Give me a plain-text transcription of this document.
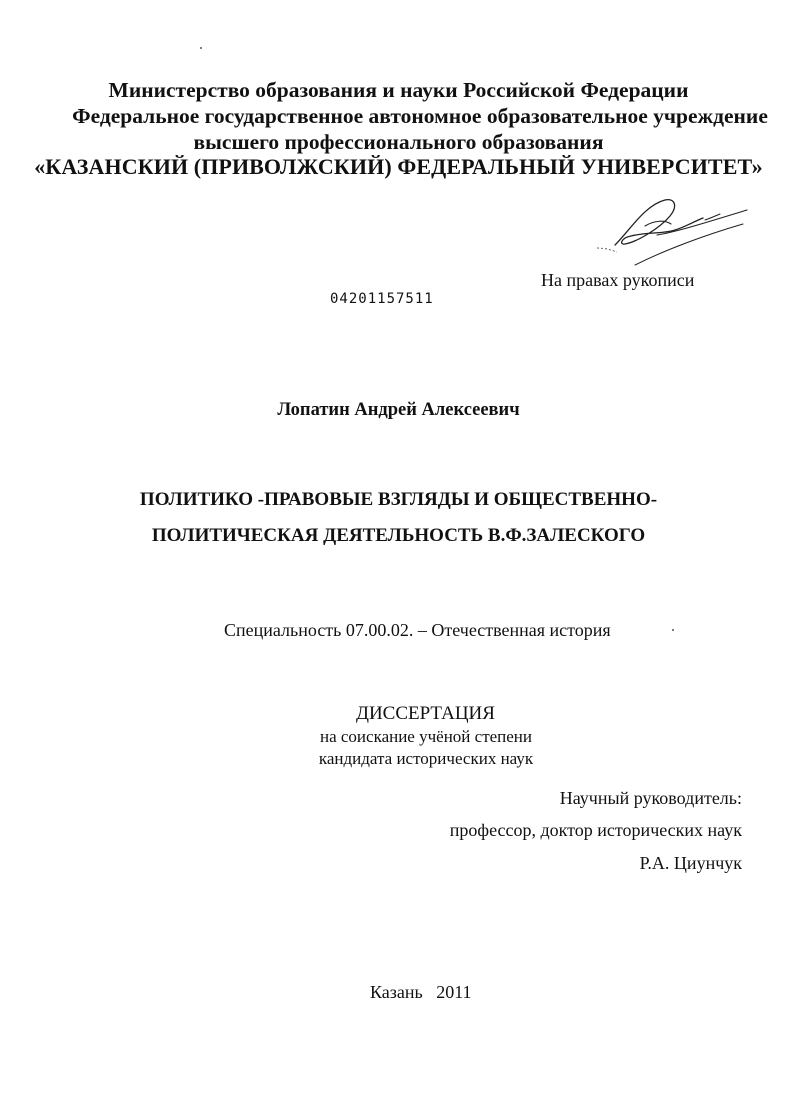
Министерство образования и науки Российской Федерации
Федеральное государственное автономное образовательное учреждение
высшего профессионального образования
«КАЗАНСКИЙ (ПРИВОЛЖСКИЙ) ФЕДЕРАЛЬНЫЙ УНИВЕРСИТЕТ»
На правах рукописи
04201157511
Лопатин Андрей Алексеевич
ПОЛИТИКО -ПРАВОВЫЕ ВЗГЛЯДЫ И ОБЩЕСТВЕННО-
ПОЛИТИЧЕСКАЯ ДЕЯТЕЛЬНОСТЬ В.Ф.ЗАЛЕСКОГО
Специальность 07.00.02. – Отечественная история
ДИССЕРТАЦИЯ
на соискание учёной степени
кандидата исторических наук
Научный руководитель:
профессор, доктор исторических наук
Р.А. Циунчук
Казань   2011
